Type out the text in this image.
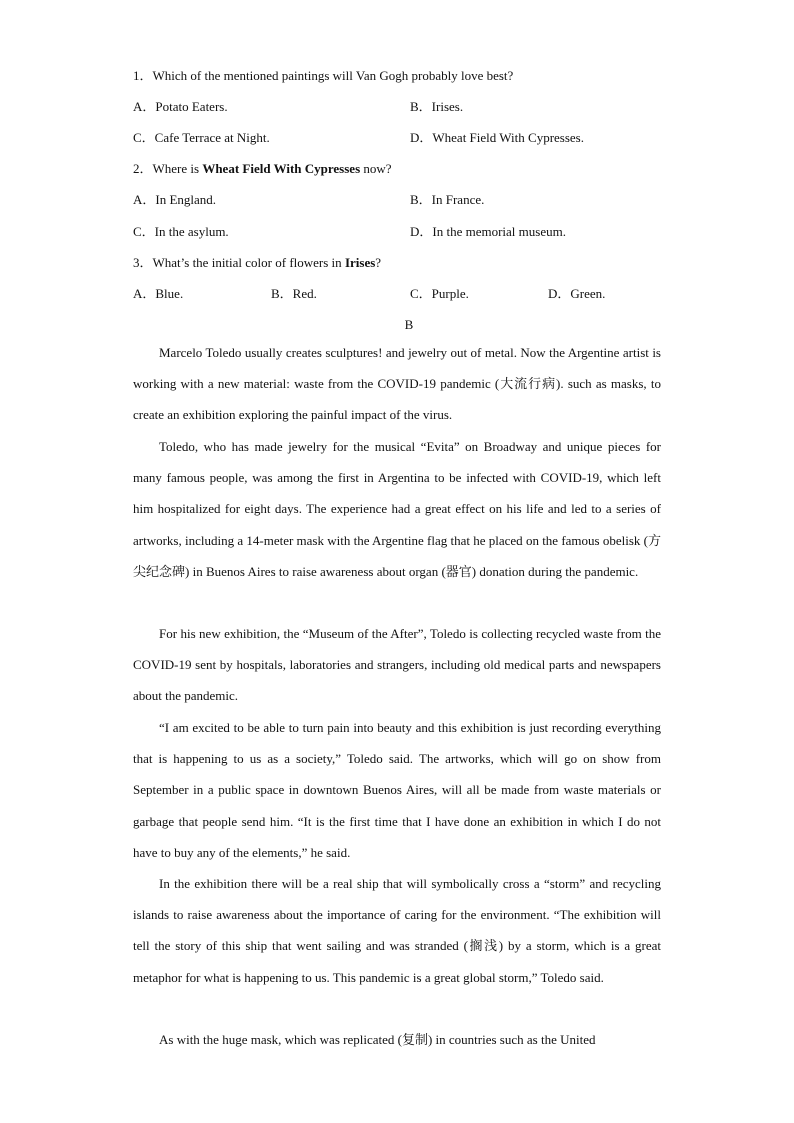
1．Which of the mentioned paintings will Van Gogh probably love best?
A．Potato Eaters.	B．Irises.
C．Cafe Terrace at Night.	D．Wheat Field With Cypresses.
2．Where is Wheat Field With Cypresses now?
A．In England.	B．In France.
C．In the asylum.	D．In the memorial museum.
3．What’s the initial color of flowers in Irises?
A．Blue.	B．Red.	C．Purple.	D．Green.
B

Marcelo Toledo usually creates sculptures! and jewelry out of metal. Now the Argentine artist is working with a new material: waste from the COVID-19 pandemic (大流行病). such as masks, to create an exhibition exploring the painful impact of the virus.

Toledo, who has made jewelry for the musical “Evita” on Broadway and unique pieces for many famous people, was among the first in Argentina to be infected with COVID-19, which left him hospitalized for eight days. The experience had a great effect on his life and led to a series of artworks, including a 14-meter mask with the Argentine flag that he placed on the famous obelisk (方尖纪念碑) in Buenos Aires to raise awareness about organ (器官) donation during the pandemic.

For his new exhibition, the “Museum of the After”, Toledo is collecting recycled waste from the COVID-19 sent by hospitals, laboratories and strangers, including old medical parts and newspapers about the pandemic.

“I am excited to be able to turn pain into beauty and this exhibition is just recording everything that is happening to us as a society,” Toledo said. The artworks, which will go on show from September in a public space in downtown Buenos Aires, will all be made from waste materials or garbage that people send him. “It is the first time that I have done an exhibition in which I do not have to buy any of the elements,” he said.

In the exhibition there will be a real ship that will symbolically cross a “storm” and recycling islands to raise awareness about the importance of caring for the environment. “The exhibition will tell the story of this ship that went sailing and was stranded (搁浅) by a storm, which is a great metaphor for what is happening to us. This pandemic is a great global storm,” Toledo said.

As with the huge mask, which was replicated (复制) in countries such as the United
